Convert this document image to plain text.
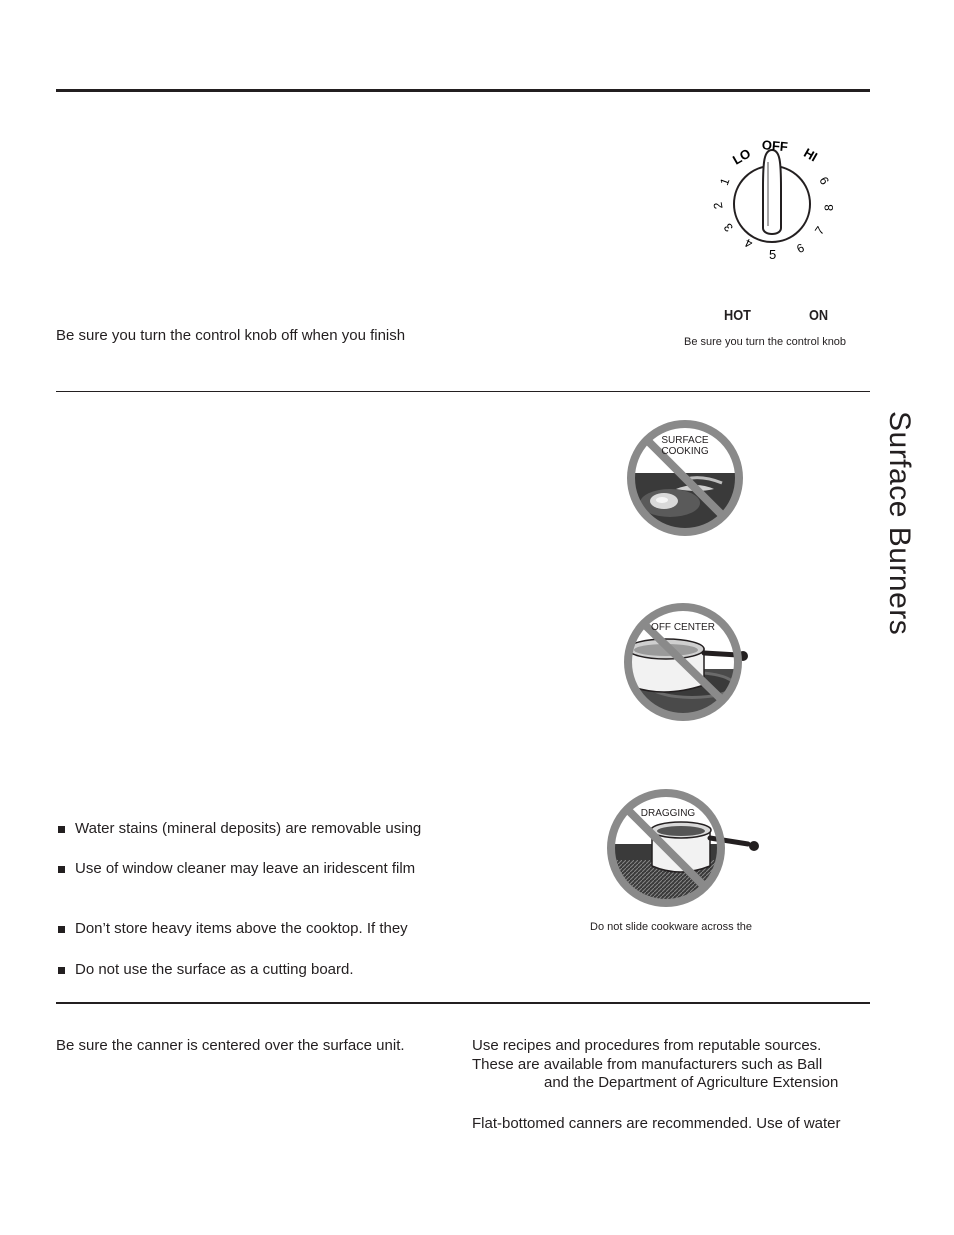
Surface Burners
Be sure you turn the control knob off when you finish
OFF
LO	HI
1
2
3
4
5 6
7
8
9
HOT	ON
Be sure you turn the control knob
SURFACE
COOKING
OFF CENTER
DRAGGING
Do not slide cookware across the
Water stains (mineral deposits) are removable using
Use of window cleaner may leave an iridescent film
Don’t store heavy items above the cooktop. If they
Do not use the surface as a cutting board.
Be sure the canner is centered over the surface unit.	Use recipes and procedures from reputable sources.
These are available from manufacturers such as Ball
and the Department of Agriculture Extension
Flat-bottomed canners are recommended. Use of water
